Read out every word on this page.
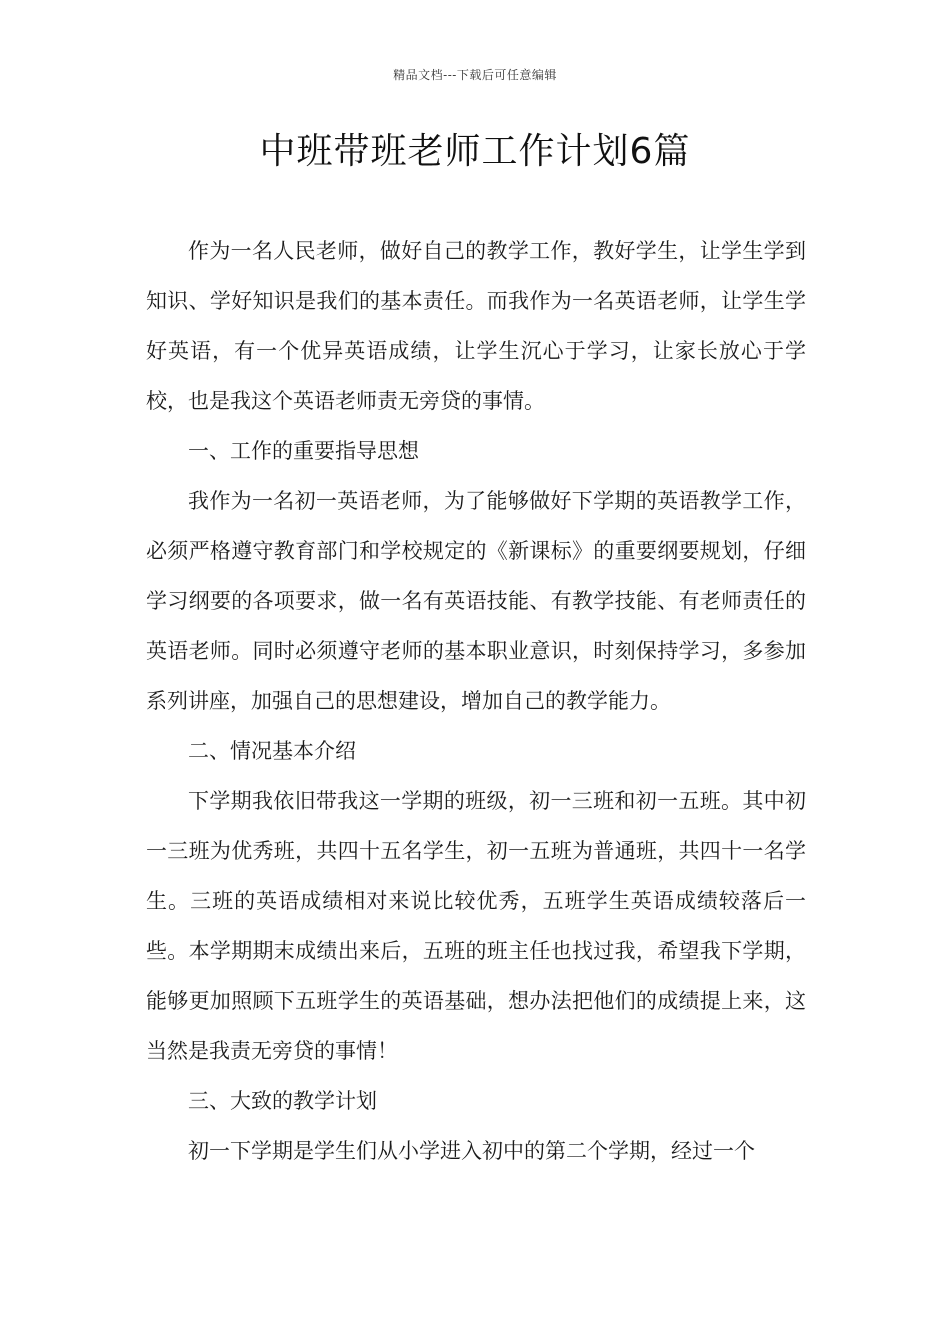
精品文档---下载后可任意编辑
中班带班老师工作计划6篇

作为一名人民老师，做好自己的教学工作，教好学生，让学生学到知识、学好知识是我们的基本责任。而我作为一名英语老师，让学生学好英语，有一个优异英语成绩，让学生沉心于学习，让家长放心于学校，也是我这个英语老师责无旁贷的事情。

一、工作的重要指导思想

我作为一名初一英语老师，为了能够做好下学期的英语教学工作，必须严格遵守教育部门和学校规定的《新课标》的重要纲要规划，仔细学习纲要的各项要求，做一名有英语技能、有教学技能、有老师责任的英语老师。同时必须遵守老师的基本职业意识，时刻保持学习，多参加系列讲座，加强自己的思想建设，增加自己的教学能力。

二、情况基本介绍

下学期我依旧带我这一学期的班级，初一三班和初一五班。其中初一三班为优秀班，共四十五名学生，初一五班为普通班，共四十一名学生。三班的英语成绩相对来说比较优秀，五班学生英语成绩较落后一些。本学期期末成绩出来后，五班的班主任也找过我，希望我下学期，能够更加照顾下五班学生的英语基础，想办法把他们的成绩提上来，这当然是我责无旁贷的事情！

三、大致的教学计划

初一下学期是学生们从小学进入初中的第二个学期，经过一个
